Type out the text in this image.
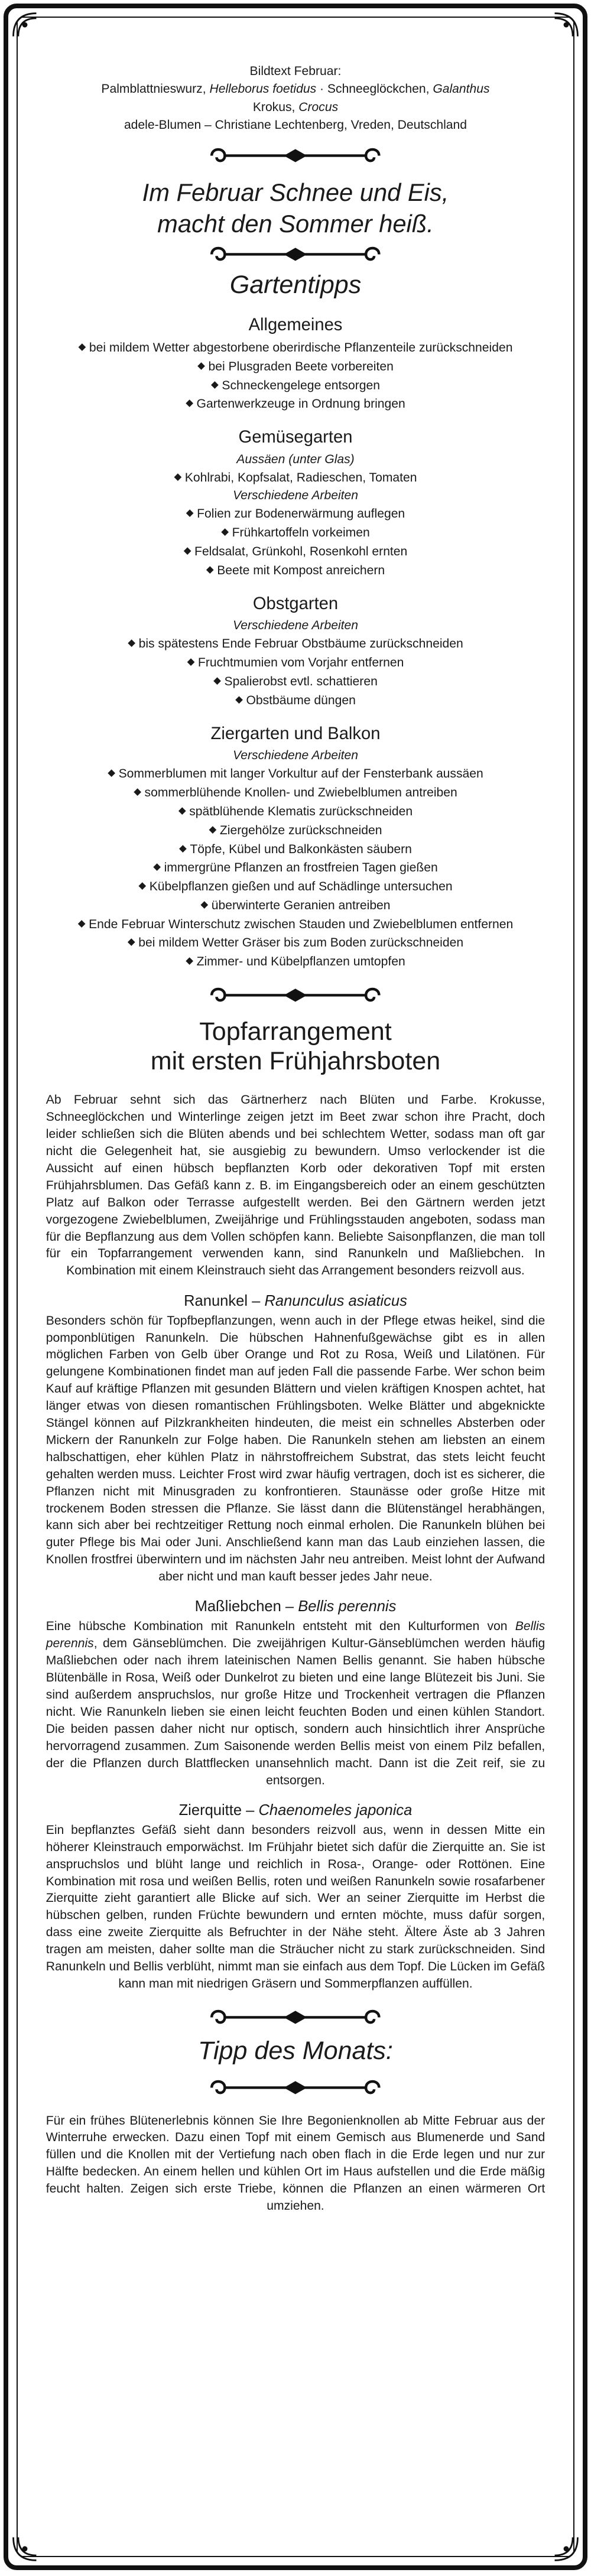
Bildtext Februar:

Palmblattnieswurz, Helleborus foetidus · Schneeglöckchen, Galanthus

Krokus, Crocus

adele-Blumen – Christiane Lechtenberg, Vreden, Deutschland

Im Februar Schnee und Eis,
macht den Sommer heiß.
Gartentipps
Allgemeines
◆ bei mildem Wetter abgestorbene oberirdische Pflanzenteile zurückschneiden
◆ bei Plusgraden Beete vorbereiten
◆ Schneckengelege entsorgen
◆ Gartenwerkzeuge in Ordnung bringen
Gemüsegarten
Aussäen (unter Glas)
◆ Kohlrabi, Kopfsalat, Radieschen, Tomaten
Verschiedene Arbeiten
◆ Folien zur Bodenerwärmung auflegen
◆ Frühkartoffeln vorkeimen
◆ Feldsalat, Grünkohl, Rosenkohl ernten
◆ Beete mit Kompost anreichern
Obstgarten
Verschiedene Arbeiten
◆ bis spätestens Ende Februar Obstbäume zurückschneiden
◆ Fruchtmumien vom Vorjahr entfernen
◆ Spalierobst evtl. schattieren
◆ Obstbäume düngen
Ziergarten und Balkon
Verschiedene Arbeiten
◆ Sommerblumen mit langer Vorkultur auf der Fensterbank aussäen
◆ sommerblühende Knollen- und Zwiebelblumen antreiben
◆ spätblühende Klematis zurückschneiden
◆ Ziergehölze zurückschneiden
◆ Töpfe, Kübel und Balkonkästen säubern
◆ immergrüne Pflanzen an frostfreien Tagen gießen
◆ Kübelpflanzen gießen und auf Schädlinge untersuchen
◆ überwinterte Geranien antreiben
◆ Ende Februar Winterschutz zwischen Stauden und Zwiebelblumen entfernen
◆ bei mildem Wetter Gräser bis zum Boden zurückschneiden
◆ Zimmer- und Kübelpflanzen umtopfen
Topfarrangement
mit ersten Frühjahrsboten

Ab Februar sehnt sich das Gärtnerherz nach Blüten und Farbe. Krokusse, Schneeglöckchen und Winterlinge zeigen jetzt im Beet zwar schon ihre Pracht, doch leider schließen sich die Blüten abends und bei schlechtem Wetter, sodass man oft gar nicht die Gelegenheit hat, sie ausgiebig zu bewundern. Umso verlockender ist die Aussicht auf einen hübsch bepflanzten Korb oder dekorativen Topf mit ersten Frühjahrsblumen. Das Gefäß kann z. B. im Eingangsbereich oder an einem geschützten Platz auf Balkon oder Terrasse aufgestellt werden. Bei den Gärtnern werden jetzt vorgezogene Zwiebelblumen, Zweijährige und Frühlingsstauden angeboten, sodass man für die Bepflanzung aus dem Vollen schöpfen kann. Beliebte Saisonpflanzen, die man toll für ein Topfarrangement verwenden kann, sind Ranunkeln und Maßliebchen. In Kombination mit einem Kleinstrauch sieht das Arrangement besonders reizvoll aus.

Ranunkel – Ranunculus asiaticus

Besonders schön für Topfbepflanzungen, wenn auch in der Pflege etwas heikel, sind die pomponblütigen Ranunkeln. Die hübschen Hahnenfußgewächse gibt es in allen möglichen Farben von Gelb über Orange und Rot zu Rosa, Weiß und Lilatönen. Für gelungene Kombinationen findet man auf jeden Fall die passende Farbe. Wer schon beim Kauf auf kräftige Pflanzen mit gesunden Blättern und vielen kräftigen Knospen achtet, hat länger etwas von diesen romantischen Frühlingsboten. Welke Blätter und abgeknickte Stängel können auf Pilzkrankheiten hindeuten, die meist ein schnelles Absterben oder Mickern der Ranunkeln zur Folge haben. Die Ranunkeln stehen am liebsten an einem halbschattigen, eher kühlen Platz in nährstoffreichem Substrat, das stets leicht feucht gehalten werden muss. Leichter Frost wird zwar häufig vertragen, doch ist es sicherer, die Pflanzen nicht mit Minusgraden zu konfrontieren. Staunässe oder große Hitze mit trockenem Boden stressen die Pflanze. Sie lässt dann die Blütenstängel herabhängen, kann sich aber bei rechtzeitiger Rettung noch einmal erholen. Die Ranunkeln blühen bei guter Pflege bis Mai oder Juni. Anschließend kann man das Laub einziehen lassen, die Knollen frostfrei überwintern und im nächsten Jahr neu antreiben. Meist lohnt der Aufwand aber nicht und man kauft besser jedes Jahr neue.

Maßliebchen – Bellis perennis

Eine hübsche Kombination mit Ranunkeln entsteht mit den Kulturformen von Bellis perennis, dem Gänseblümchen. Die zweijährigen Kultur-Gänseblümchen werden häufig Maßliebchen oder nach ihrem lateinischen Namen Bellis genannt. Sie haben hübsche Blütenbälle in Rosa, Weiß oder Dunkelrot zu bieten und eine lange Blütezeit bis Juni. Sie sind außerdem anspruchslos, nur große Hitze und Trockenheit vertragen die Pflanzen nicht. Wie Ranunkeln lieben sie einen leicht feuchten Boden und einen kühlen Standort. Die beiden passen daher nicht nur optisch, sondern auch hinsichtlich ihrer Ansprüche hervorragend zusammen. Zum Saisonende werden Bellis meist von einem Pilz befallen, der die Pflanzen durch Blattflecken unansehnlich macht. Dann ist die Zeit reif, sie zu entsorgen.

Zierquitte – Chaenomeles japonica

Ein bepflanztes Gefäß sieht dann besonders reizvoll aus, wenn in dessen Mitte ein höherer Kleinstrauch emporwächst. Im Frühjahr bietet sich dafür die Zierquitte an. Sie ist anspruchslos und blüht lange und reichlich in Rosa-, Orange- oder Rottönen. Eine Kombination mit rosa und weißen Bellis, roten und weißen Ranunkeln sowie rosafarbener Zierquitte zieht garantiert alle Blicke auf sich. Wer an seiner Zierquitte im Herbst die hübschen gelben, runden Früchte bewundern und ernten möchte, muss dafür sorgen, dass eine zweite Zierquitte als Befruchter in der Nähe steht. Ältere Äste ab 3 Jahren tragen am meisten, daher sollte man die Sträucher nicht zu stark zurückschneiden. Sind Ranunkeln und Bellis verblüht, nimmt man sie einfach aus dem Topf. Die Lücken im Gefäß kann man mit niedrigen Gräsern und Sommerpflanzen auffüllen.

Tipp des Monats:

Für ein frühes Blütenerlebnis können Sie Ihre Begonienknollen ab Mitte Februar aus der Winterruhe erwecken. Dazu einen Topf mit einem Gemisch aus Blumenerde und Sand füllen und die Knollen mit der Vertiefung nach oben flach in die Erde legen und nur zur Hälfte bedecken. An einem hellen und kühlen Ort im Haus aufstellen und die Erde mäßig feucht halten. Zeigen sich erste Triebe, können die Pflanzen an einen wärmeren Ort umziehen.
